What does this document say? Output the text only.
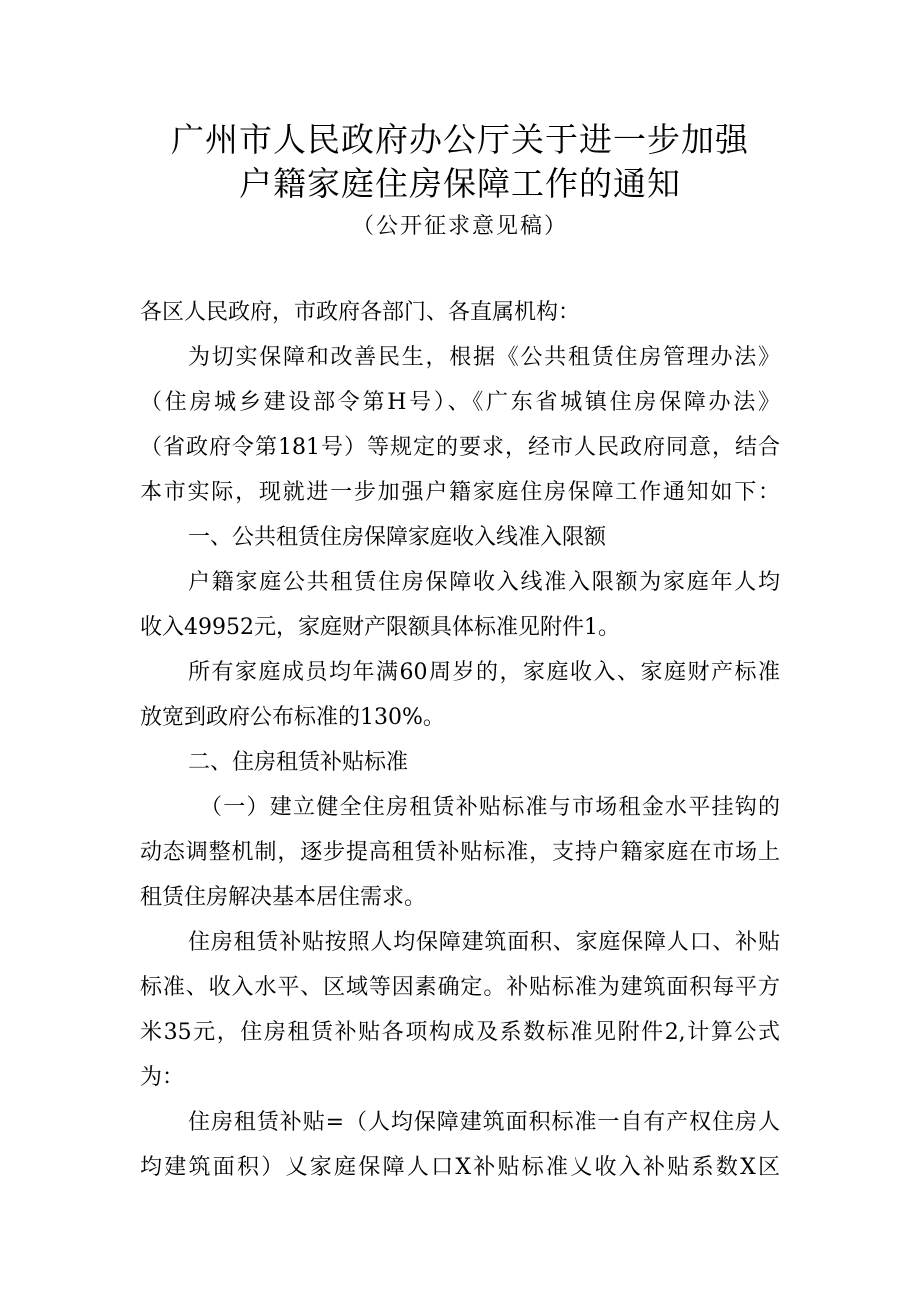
广州市人民政府办公厅关于进一步加强
户籍家庭住房保障工作的通知
（公开征求意见稿）
各区人民政府，市政府各部门、各直属机构：
为切实保障和改善民生，根据《公共租赁住房管理办法》
（住房城乡建设部令第H号）、《广东省城镇住房保障办法》
（省政府令第181号）等规定的要求，经市人民政府同意，结合
本市实际，现就进一步加强户籍家庭住房保障工作通知如下：
一、公共租赁住房保障家庭收入线准入限额
户籍家庭公共租赁住房保障收入线准入限额为家庭年人均
收入49952元，家庭财产限额具体标准见附件1。
所有家庭成员均年满60周岁的，家庭收入、家庭财产标准
放宽到政府公布标准的130%。
二、住房租赁补贴标准
（一）建立健全住房租赁补贴标准与市场租金水平挂钩的
动态调整机制，逐步提高租赁补贴标准，支持户籍家庭在市场上
租赁住房解决基本居住需求。
住房租赁补贴按照人均保障建筑面积、家庭保障人口、补贴
标准、收入水平、区域等因素确定。补贴标准为建筑面积每平方
米35元，住房租赁补贴各项构成及系数标准见附件2,计算公式
为：
住房租赁补贴=（人均保障建筑面积标准一自有产权住房人
均建筑面积）乂家庭保障人口X补贴标准乂收入补贴系数X区
